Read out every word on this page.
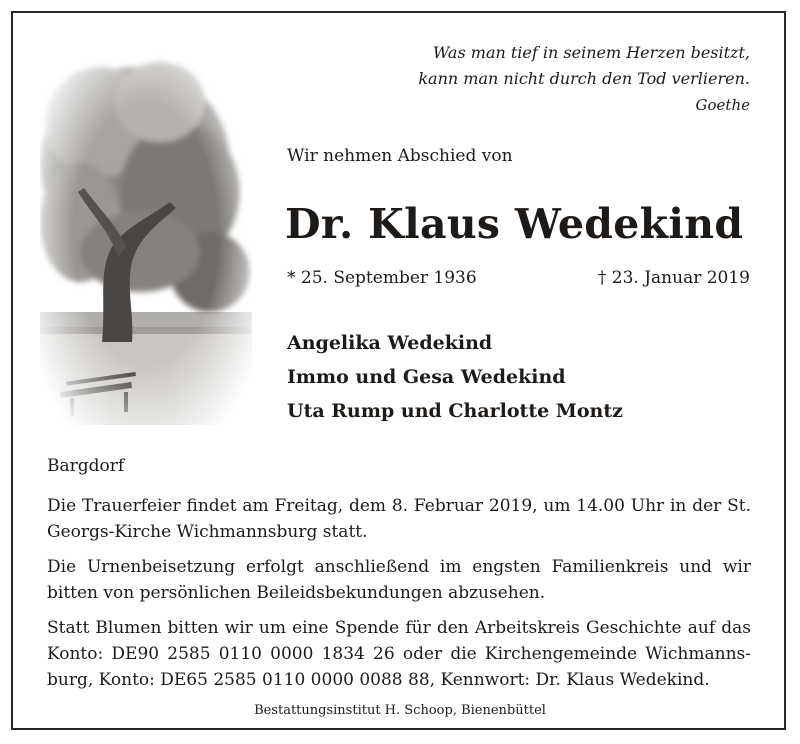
Was man tief in seinem Herzen besitzt,
kann man nicht durch den Tod verlieren.
Goethe
Wir nehmen Abschied von
Dr. Klaus Wedekind
* 25. September 1936	† 23. Januar 2019
Angelika Wedekind
Immo und Gesa Wedekind
Uta Rump und Charlotte Montz
Bargdorf
Die Trauerfeier findet am Freitag, dem 8. Februar 2019, um 14.00 Uhr in der St. Georgs-Kirche Wichmannsburg statt.
Die Urnenbeisetzung erfolgt anschließend im engsten Familienkreis und wir bitten von persönlichen Beileidsbekundungen abzusehen.
Statt Blumen bitten wir um eine Spende für den Arbeitskreis Geschichte auf das Konto: DE90 2585 0110 0000 1834 26 oder die Kirchengemeinde Wichmannsburg, Konto: DE65 2585 0110 0000 0088 88, Kennwort: Dr. Klaus Wedekind.
Bestattungsinstitut H. Schoop, Bienenbüttel
